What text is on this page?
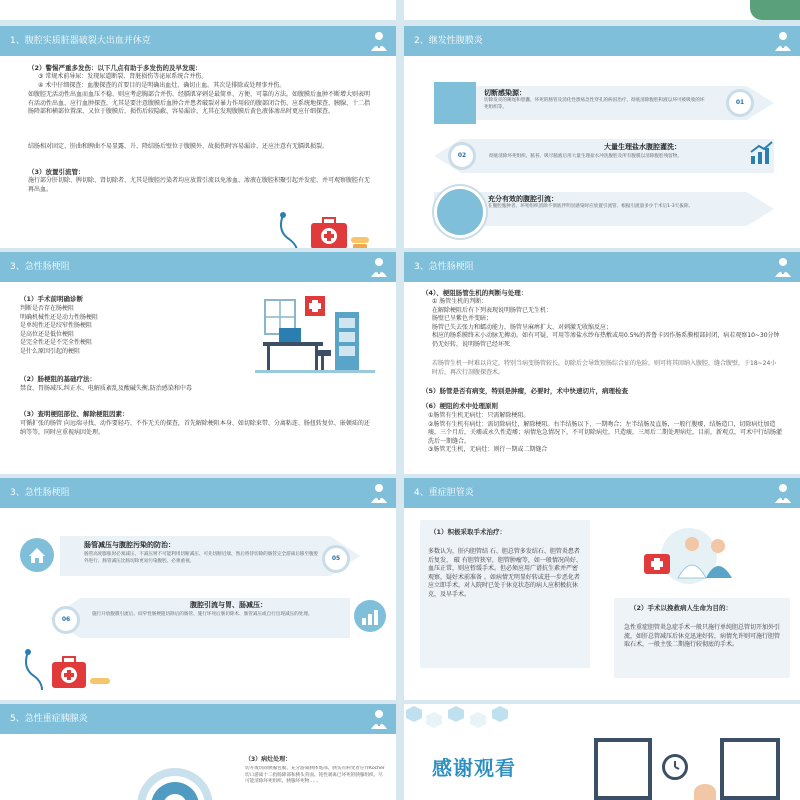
1、腹腔实质脏器破裂大出血并休克
（2）警惕严重多发伤：以下几点有助于多发伤的及早发现：
③ 常规术前导尿：发现尿道断裂、肾脏损伤等泌尿系统合并伤。
④ 术中仔细探查：血腹探查的首要目的是明确出血灶、确切止血。其次是排除或处理事并伤。
如腹腔无活动性出血而血压不稳、则应考虑胸部合并伤、经膈肌穿刺是最简单、方便、可靠的方法。如腹膜后血肿不断增大则表明有活动性出血、应行血肿探查，尤其是要注意腹膜后血肿合并患者破裂对暴力作用较的腹部闭合伤、应系统地探查、胰腺、十二指肠降部和横部位置深、又位于腹膜后、损伤后较隐蔽、容易漏诊、尤其在发现腹膜后黄色液体渗出时更应仔细探查。
结肠相对固定、肝曲和脾曲不易显露、升、降结肠后壁位于腹膜外、故损伤时容易漏诊、还应注意有无膈肌损裂。
（3）放置引流管：
施行部分肝切除、脾切除、肾切除者、尤其是腹腔污染者均应放置引流以免渗血、渗液在腹腔积聚引起并发症、并可观察腹腔有无再出血。
2、继发性腹膜炎
切断感染源：
切除发炎的阑尾和胆囊、坏死的肠管及消化性溃疡急性穿孔的病因治疗、彻底清除腹腔积液以坏可被吸收的坏死组织等。
01
02
大量生理盐水腹腔灌洗：
彻底清除坏死组织、脓苔、吸尽脓液后用大量生理盐水冲洗腹腔及所有腹膜以清除腹腔残留物。
充分有效的腹腔引流：
在腹腔脓肿者、坏死组织清除不彻底伴明显感染时应放置引流管、根据引流量多少于术后1-3天拔除。
3、急性肠梗阻
（1）手术前明确诊断
判断是否存在肠梗阻
明确机械性还是动力性肠梗阻
是单纯性还是绞窄性肠梗阻
是高位还是低位梗阻
是完全性还是不完全性梗阻
是什么原因引起的梗阻
（2）肠梗阻的基础疗法：
禁食、胃肠减压,纠正水、电解质紊乱及酸碱失衡,防治感染和中毒
（3）查明梗阻部位、解除梗阻因素：
可循扩张的肠管 向远端寻找、动作要轻巧、不作无关的探查，首先解除梗阻本身、如切除束带、分离粘连、肠扭转复位、嵌顿疝的还纳等等，同时应重视病因处理。
3、急性肠梗阻
（4）、梗阻肠管生机的判断与处理：
① 肠管生机的判断：
在解除梗阻后有下列表现说明肠管已无生机：
肠壁已呈紫色并变暗；
肠管已失去张力和蠕动能力，肠管呈麻痹扩大、对刺激无收缩反应；
相应的肠系膜终末小动脉无搏动。如有可疑、可用等渗盐水纱布热敷或用0.5%的普鲁卡因作肠系膜根部封闭，病若观察10~30分钟仍无好转，说明肠管已经坏死
若肠管生机一时难以肯定，特别当病变肠管较长，切除后会导致短肠综合征的危险，则可将其回纳入腹腔，缝合腹壁，于18~24小时后，再次行剖腹探查术。
（5）肠管是否有病变，特别是肿瘤，必要时，术中快速切片，病理检查
（6）梗阻的术中处理原则
①肠管有生机无病灶：只需解除梗阻。
②肠管有生机有病灶：需切除病灶，解除梗阻。右半结肠以下，一期吻合；左半结肠及直肠，一般行腹痿，结肠造口，切除病灶加造瘘，三个月后，关痿或永久性造痿；病情危急情况下，不可切除病灶，只造瘘，三周后二期处理病灶，目前，新观点，可术中行结肠灌洗后一期缝合。
③肠管无生机，无病灶：则行一期或二期缝合
3、急性肠梗阻
肠管减压与腹腔污染的防治：
肠管高度膨胀时必须减压、不减压则不可能利用切断减压、可先切断近端、然后将待切除的肠管完全游离后移至腹腔外进行、肠管减压比肠切除更易污染腹腔、必须重视。	05
06
腹腔引流与胃、肠减压：
施行开放腹膜引流后、绞窄性肠梗阻切除后的肠管、施行坏死后肠切除术、肠管减压或自行出现减压的处理。
4、重症胆管炎
（1）积极采取手术治疗：
多数认为，肝内胆管结 石、胆总管多发结石、胆管炎患者后复发、 破 有胆管狭窄，胆管肿瘤等，如一般情况尚好、血压正常，则应暂缓手术。但必须应用广谱抗生素并严密观察，疑好术前准备 。如病情无明显好转或进一步恶化者应立即手术，对入院时已处于休克状态的病人应积极抗休克，及早手术。
（2）手术以挽救病人生命为目的：
急性重症胆管炎急症手术一般只施行单纯胆总管切开加外引流，如肝总管减压后休克迅速好转，病情允许则可施行胆管取石术，一般主张二期施行较彻底的手术。
5、急性重症胰腺炎
（3）病灶处理：
切开或切除胰腺包膜、充分游离胰体尾部、胰头有病变者应作Kocher切口游离十二指肠降部和胰头背面、钝性剥离已坏死的胰腺组织、尽可能清除坏死组织、胰腺坏死物……
感谢观看
